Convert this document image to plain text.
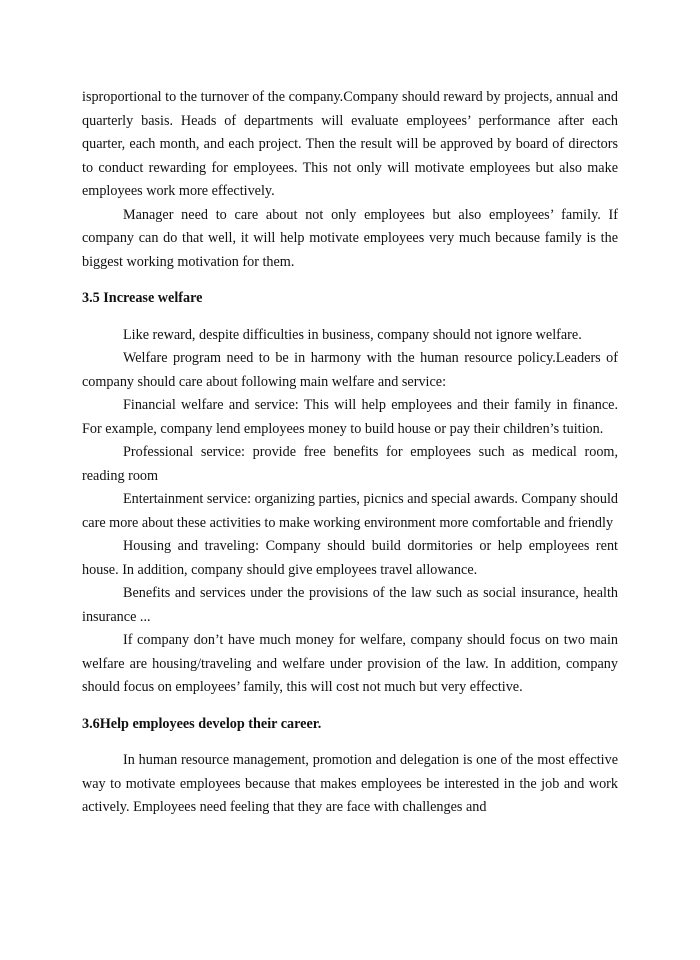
isproportional to the turnover of the company.Company should reward by projects, annual and quarterly basis. Heads of departments will evaluate employees’ performance after each quarter, each month, and each project. Then the result will be approved by board of directors to conduct rewarding for employees. This not only will motivate employees but also make employees work more effectively.

Manager need to care about not only employees but also employees’ family. If company can do that well, it will help motivate employees very much because family is the biggest working motivation for them.

3.5 Increase welfare

Like reward, despite difficulties in business, company should not ignore welfare.

Welfare program need to be in harmony with the human resource policy.Leaders of company should care about following main welfare and service:

Financial welfare and service: This will help employees and their family in finance. For example, company lend employees money to build house or pay their children’s tuition.

Professional service: provide free benefits for employees such as medical room, reading room

Entertainment service: organizing parties, picnics and special awards. Company should care more about these activities to make working environment more comfortable and friendly

Housing and traveling: Company should build dormitories or help employees rent house. In addition, company should give employees travel allowance.

Benefits and services under the provisions of the law such as social insurance, health insurance ...

If company don’t have much money for welfare, company should focus on two main welfare are housing/traveling and welfare under provision of the law. In addition, company should focus on employees’ family, this will cost not much but very effective.

3.6Help employees develop their career.

In human resource management, promotion and delegation is one of the most effective way to motivate employees because that makes employees be interested in the job and work actively. Employees need feeling that they are face with challenges and
